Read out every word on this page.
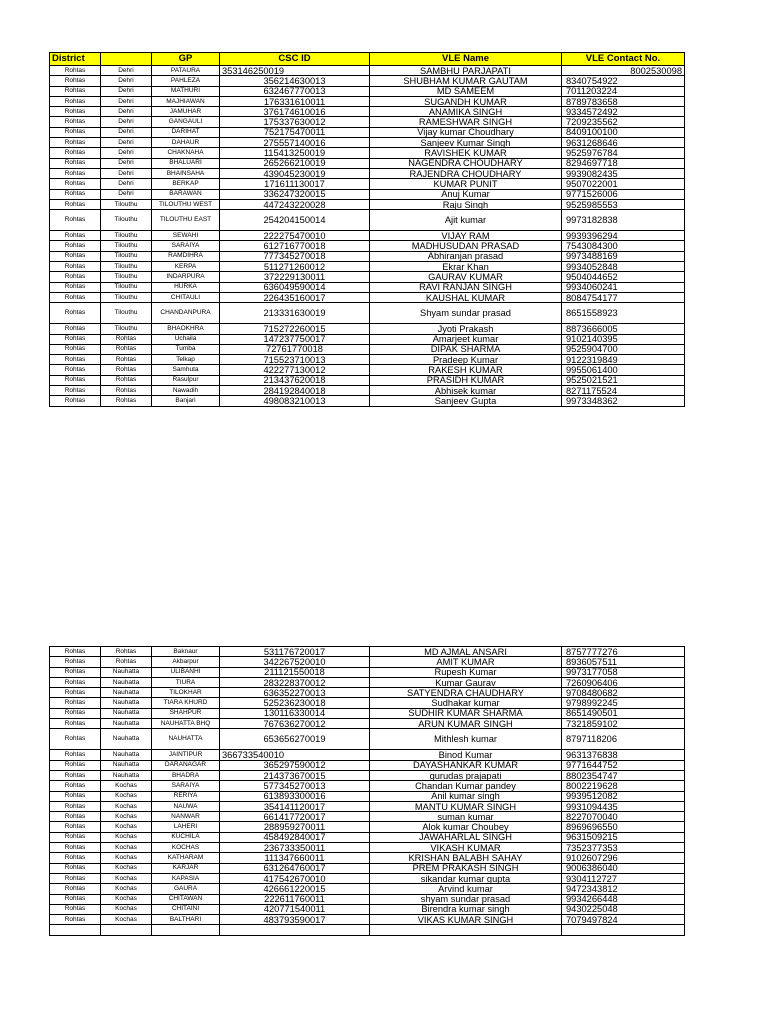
District		GP	CSC ID	VLE Name	VLE Contact No.
Rohtas	Dehri	PATAURA	353146250019	SAMBHU PARJAPATI	8002530098
Rohtas	Dehri	PAHLEZA	356214630013	SHUBHAM KUMAR GAUTAM	8340754922
Rohtas	Dehri	MATHURI	632467770013	MD SAMEEM	7011203224
Rohtas	Dehri	MAJHIAWAN	176331610011	SUGANDH KUMAR	8789783658
Rohtas	Dehri	JAMUHAR	376174610016	ANAMIKA SINGH	9334572492
Rohtas	Dehri	GANGAULI	175337630012	RAMESHWAR SINGH	7209235562
Rohtas	Dehri	DARIHAT	752175470011	Vijay kumar Choudhary	8409100100
Rohtas	Dehri	DAHAUR	275557140016	Sanjeev Kumar Singh	9631268646
Rohtas	Dehri	CHAKNAHA	115413250019	RAVISHEK KUMAR	9525976784
Rohtas	Dehri	BHALUARI	265266210019	NAGENDRA CHOUDHARY	8294697718
Rohtas	Dehri	BHAINSAHA	439045230019	RAJENDRA CHOUDHARY	9939082435
Rohtas	Dehri	BERKAP	171611130017	KUMAR PUNIT	9507022001
Rohtas	Dehri	BARAWAN	336247320015	Anuj Kumar	9771526006
Rohtas	Tilouthu	TILOUTHU WEST	447243220028	Raju Singh	9525985553
Rohtas	Tilouthu	TILOUTHU EAST	254204150014	Ajit kumar	9973182838
Rohtas	Tilouthu	SEWAHI	222275470010	VIJAY RAM	9939396294
Rohtas	Tilouthu	SARAIYA	612716770018	MADHUSUDAN PRASAD	7543084300
Rohtas	Tilouthu	RAMDIHRA	777345270018	Abhiranjan prasad	9973488169
Rohtas	Tilouthu	KERPA	511271260012	Ekrar Khan	9934052848
Rohtas	Tilouthu	INDARPURA	372229130011	GAURAV KUMAR	9504044652
Rohtas	Tilouthu	HURKA	636049590014	RAVI RANJAN SINGH	9934060241
Rohtas	Tilouthu	CHITAULI	226435160017	KAUSHAL KUMAR	8084754177
Rohtas	Tilouthu	CHANDANPURA	213331630019	Shyam sundar prasad	8651558923
Rohtas	Tilouthu	BHAOKHRA	715272260015	Jyoti Prakash	8873666005
Rohtas	Rohtas	Uchaila	147237750017	Amarjeet kumar	9102140395
Rohtas	Rohtas	Tumba	72761770018	DIPAK SHARMA	9525904700
Rohtas	Rohtas	Telkap	715523710013	Pradeep Kumar	9122319849
Rohtas	Rohtas	Samhuta	422277130012	RAKESH KUMAR	9955061400
Rohtas	Rohtas	Rasulpur	213437620018	PRASIDH KUMAR	9525021521
Rohtas	Rohtas	Nawadih	284192840018	Abhisek kumar	8271175524
Rohtas	Rohtas	Banjari	498083210013	Sanjeev Gupta	9973348362
Rohtas	Rohtas	Baknaur	531176720017	MD AJMAL ANSARI	8757777276
Rohtas	Rohtas	Akbarpur	342267520010	AMIT KUMAR	8936057511
Rohtas	Nauhatta	ULIBANHI	211121550018	Rupesh Kumar	9973177058
Rohtas	Nauhatta	TIURA	283228370012	Kumar Gaurav	7260906406
Rohtas	Nauhatta	TILOKHAR	636352270013	SATYENDRA CHAUDHARY	9708480682
Rohtas	Nauhatta	TIARA KHURD	525236230018	Sudhakar kumar	9798992245
Rohtas	Nauhatta	SHAHPUR	130116330014	SUDHIR KUMAR SHARMA	8651490501
Rohtas	Nauhatta	NAUHATTA BHQ	767636270012	ARUN KUMAR SINGH	7321859102
Rohtas	Nauhatta	NAUHATTA	653656270019	Mithlesh kumar	8797118206
Rohtas	Nauhatta	JAINTIPUR	366733540010	Binod Kumar	9631376838
Rohtas	Nauhatta	DARANAGAR	365297590012	DAYASHANKAR KUMAR	9771644752
Rohtas	Nauhatta	BHADRA	214373670015	gurudas prajapati	8802354747
Rohtas	Kochas	SARAIYA	577345270013	Chandan Kumar pandey	8002219628
Rohtas	Kochas	RERIYA	613893300016	Anil kumar singh	9939512082
Rohtas	Kochas	NAUWA	354141120017	MANTU KUMAR SINGH	9931094435
Rohtas	Kochas	NANWAR	661417720017	suman kumar	8227070040
Rohtas	Kochas	LAHERI	288959270011	Alok kumar Choubey	8969696550
Rohtas	Kochas	KUCHILA	458492840017	JAWAHARLAL SINGH	9631509215
Rohtas	Kochas	KOCHAS	236733350011	VIKASH KUMAR	7352377353
Rohtas	Kochas	KATHARAM	111347660011	KRISHAN BALABH SAHAY	9102607296
Rohtas	Kochas	KARJAR	631264760017	PREM PRAKASH SINGH	9006386040
Rohtas	Kochas	KAPASIA	417542670010	sikandar kumar gupta	9304112727
Rohtas	Kochas	GAURA	426661220015	Arvind kumar	9472343812
Rohtas	Kochas	CHITAWAN	222611760011	shyam sundar prasad	9934266448
Rohtas	Kochas	CHITAINI	420771540011	Birendra kumar singh	9430225048
Rohtas	Kochas	BALTHARI	483793590017	VIKAS KUMAR SINGH	7079497824
